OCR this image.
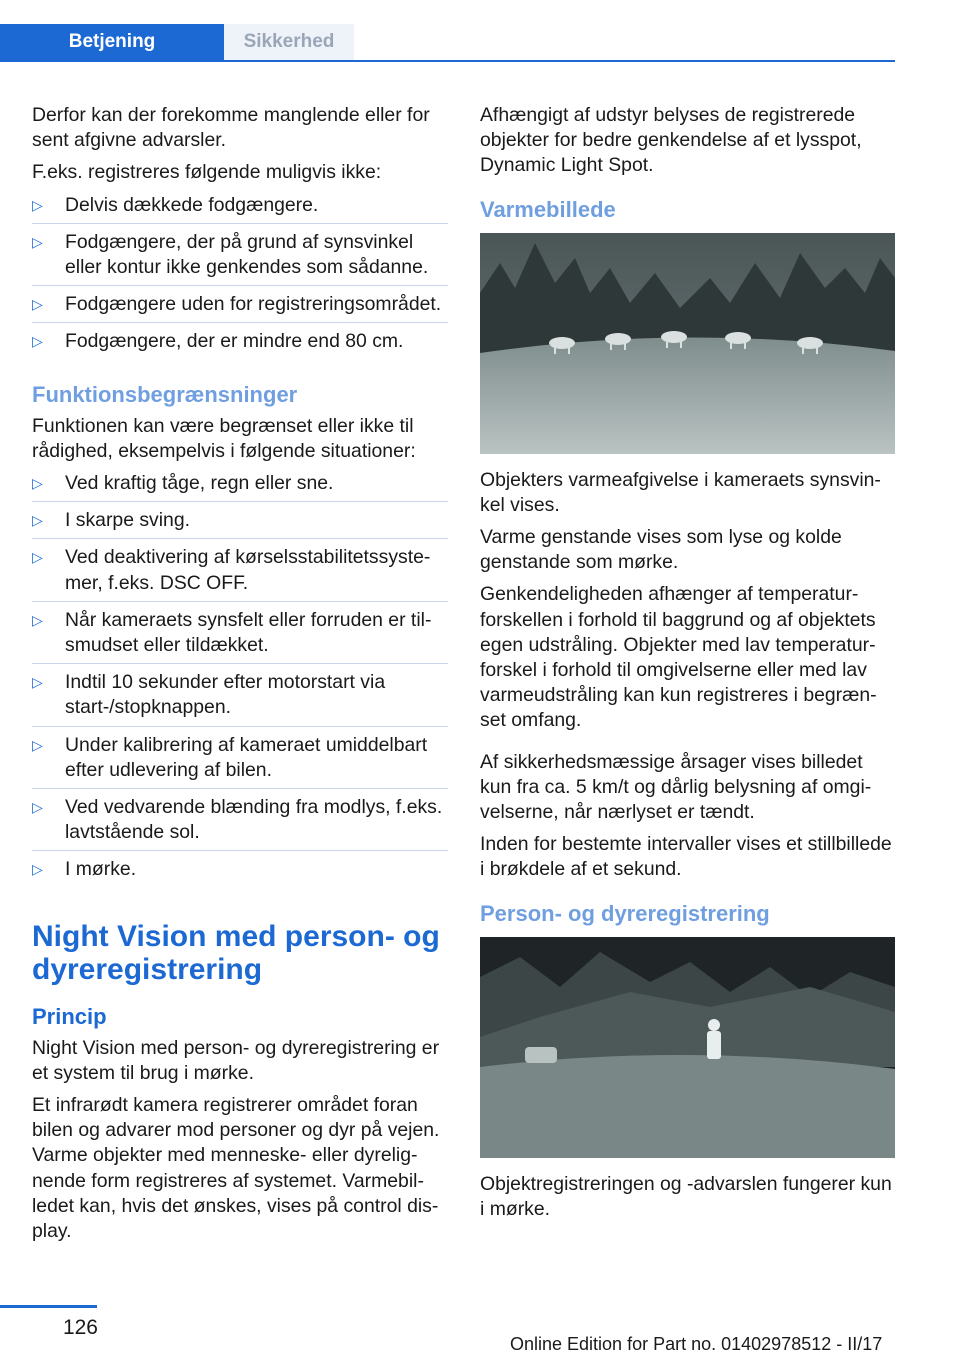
Betjening	Sikkerhed

Derfor kan der forekomme manglende eller for sent afgivne advarsler.

F.eks. registreres følgende muligvis ikke:

▷ Delvis dækkede fodgængere.
▷ Fodgængere, der på grund af synsvinkel eller kontur ikke genkendes som sådanne.
▷ Fodgængere uden for registreringsområdet.
▷ Fodgængere, der er mindre end 80 cm.
Funktionsbegrænsninger

Funktionen kan være begrænset eller ikke til rådighed, eksempelvis i følgende situationer:

▷ Ved kraftig tåge, regn eller sne.
▷ I skarpe sving.
▷ Ved deaktivering af kørselsstabilitetssystemer, f.eks. DSC OFF.
▷ Når kameraets synsfelt eller forruden er tilsmudset eller tildækket.
▷ Indtil 10 sekunder efter motorstart via start-/stopknappen.
▷ Under kalibrering af kameraet umiddelbart efter udlevering af bilen.
▷ Ved vedvarende blænding fra modlys, f.eks. lavtstående sol.
▷ I mørke.
Night Vision med person- og dyreregistrering
Princip

Night Vision med person- og dyreregistrering er et system til brug i mørke.

Et infrarødt kamera registrerer området foran bilen og advarer mod personer og dyr på vejen. Varme objekter med menneske- eller dyrelignende form registreres af systemet. Varmebilledet kan, hvis det ønskes, vises på control display.

Afhængigt af udstyr belyses de registrerede objekter for bedre genkendelse af et lysspot, Dynamic Light Spot.

Varmebillede

Objekters varmeafgivelse i kameraets synsvinkel vises.

Varme genstande vises som lyse og kolde genstande som mørke.

Genkendeligheden afhænger af temperaturforskellen i forhold til baggrund og af objektets egen udstråling. Objekter med lav temperaturforskel i forhold til omgivelserne eller med lav varmeudstråling kan kun registreres i begrænset omfang.

Af sikkerhedsmæssige årsager vises billedet kun fra ca. 5 km/t og dårlig belysning af omgivelserne, når nærlyset er tændt.

Inden for bestemte intervaller vises et stillbillede i brøkdele af et sekund.

Person- og dyreregistrering

Objektregistreringen og -advarslen fungerer kun i mørke.

126
Online Edition for Part no. 01402978512 - II/17
